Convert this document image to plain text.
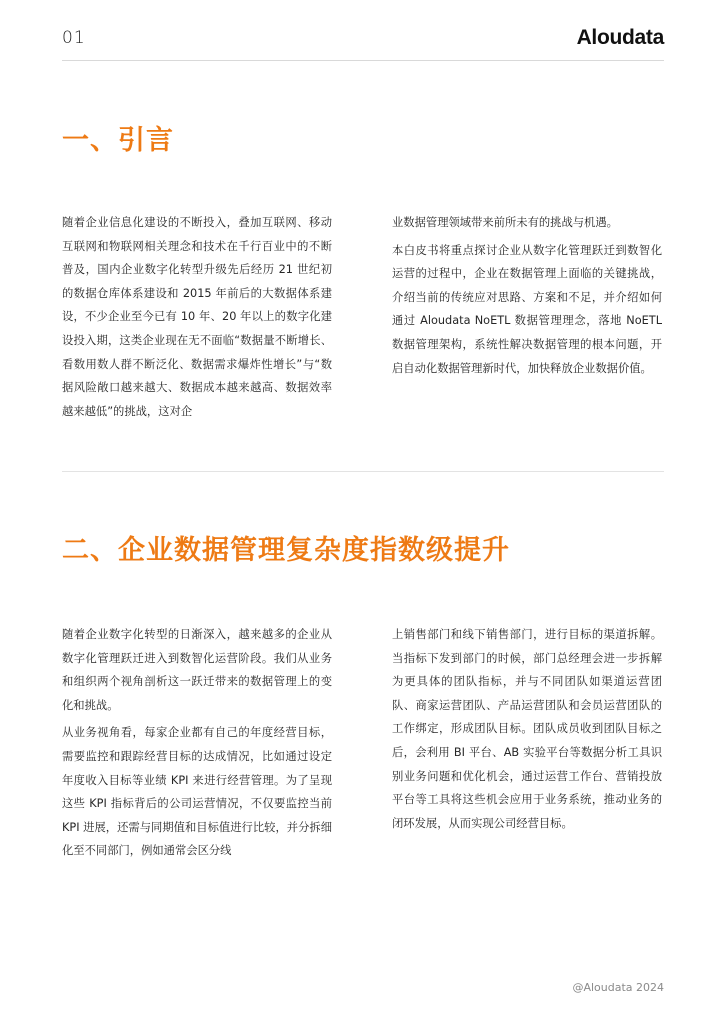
01	Aloudata
一、引言

随着企业信息化建设的不断投入，叠加互联网、移动互联网和物联网相关理念和技术在千行百业中的不断普及，国内企业数字化转型升级先后经历 21 世纪初的数据仓库体系建设和 2015 年前后的大数据体系建设，不少企业至今已有 10 年、20 年以上的数字化建设投入期，这类企业现在无不面临“数据量不断增长、看数用数人群不断泛化、数据需求爆炸性增长”与“数据风险敞口越来越大、数据成本越来越高、数据效率越来越低”的挑战，这对企

业数据管理领域带来前所未有的挑战与机遇。

本白皮书将重点探讨企业从数字化管理跃迁到数智化运营的过程中，企业在数据管理上面临的关键挑战，介绍当前的传统应对思路、方案和不足，并介绍如何通过 Aloudata NoETL 数据管理理念，落地 NoETL 数据管理架构，系统性解决数据管理的根本问题，开启自动化数据管理新时代，加快释放企业数据价值。

二、企业数据管理复杂度指数级提升

随着企业数字化转型的日渐深入，越来越多的企业从数字化管理跃迁进入到数智化运营阶段。我们从业务和组织两个视角剖析这一跃迁带来的数据管理上的变化和挑战。

从业务视角看，每家企业都有自己的年度经营目标，需要监控和跟踪经营目标的达成情况，比如通过设定年度收入目标等业绩 KPI 来进行经营管理。为了呈现这些 KPI 指标背后的公司运营情况，不仅要监控当前 KPI 进展，还需与同期值和目标值进行比较，并分拆细化至不同部门，例如通常会区分线

上销售部门和线下销售部门，进行目标的渠道拆解。当指标下发到部门的时候，部门总经理会进一步拆解为更具体的团队指标，并与不同团队如渠道运营团队、商家运营团队、产品运营团队和会员运营团队的工作绑定，形成团队目标。团队成员收到团队目标之后，会利用 BI 平台、AB 实验平台等数据分析工具识别业务问题和优化机会，通过运营工作台、营销投放平台等工具将这些机会应用于业务系统，推动业务的闭环发展，从而实现公司经营目标。

@Aloudata 2024
